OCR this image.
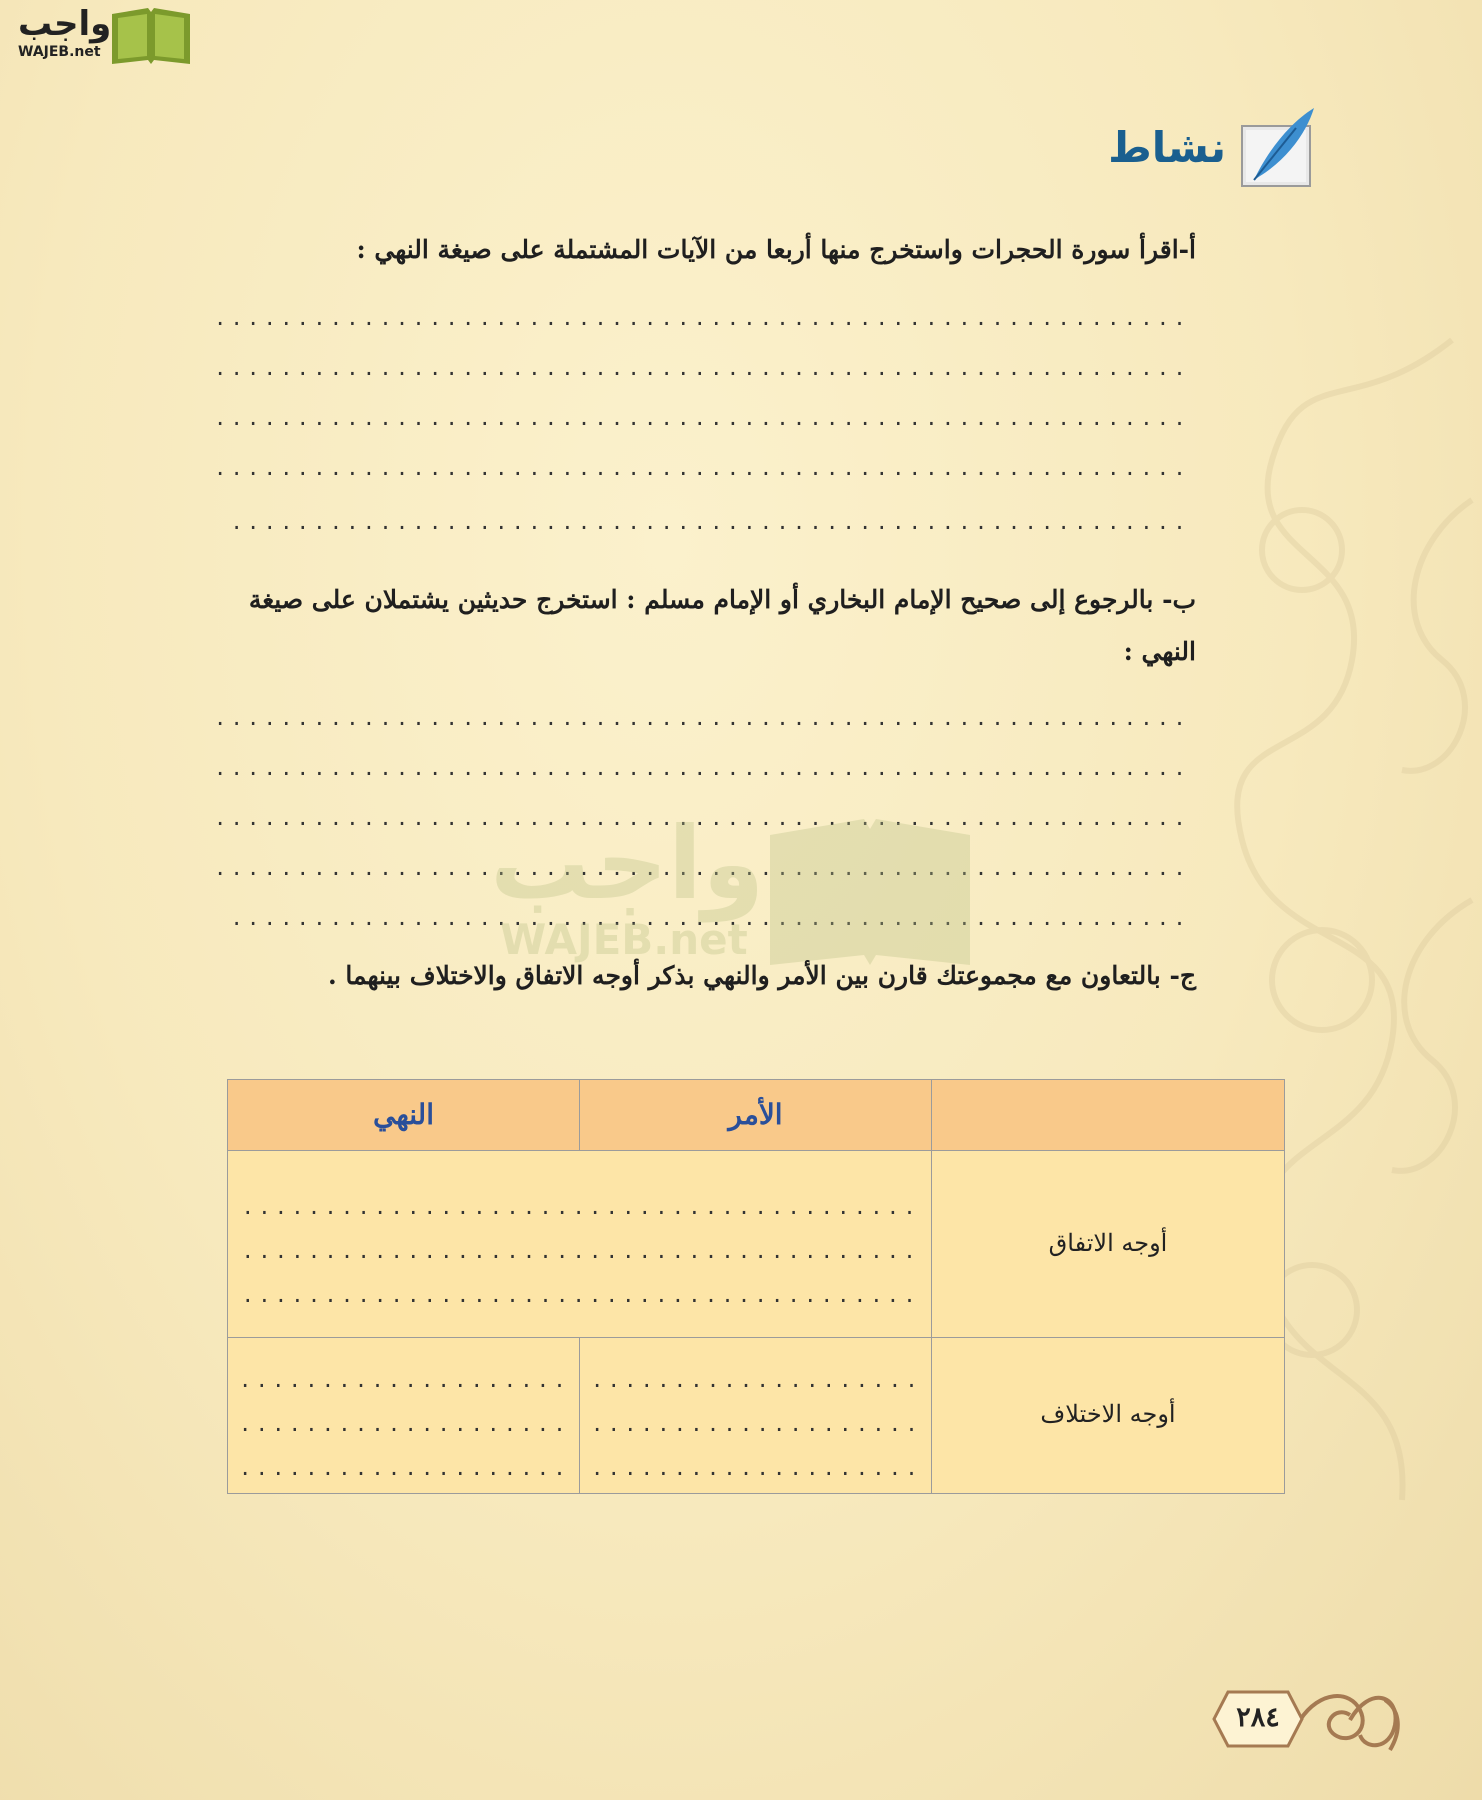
واجب
WAJEB.net
نشاط
أ-اقرأ سورة الحجرات واستخرج منها أربعا من الآيات المشتملة على صيغة النهي :
.....
.....
.....
.....
.....
ب- بالرجوع إلى صحيح الإمام البخاري أو الإمام مسلم : استخرج حديثين يشتملان على صيغة النهي :
.....
.....
.....
.....
.....
واجب
WAJEB.net
ج- بالتعاون مع مجموعتك قارن بين الأمر والنهي بذكر أوجه الاتفاق والاختلاف بينهما .
الأمر
النهي
أوجه الاتفاق
.....
.....
.....
أوجه الاختلاف
.....
.....
.....
.....
.....
.....
٢٨٤
